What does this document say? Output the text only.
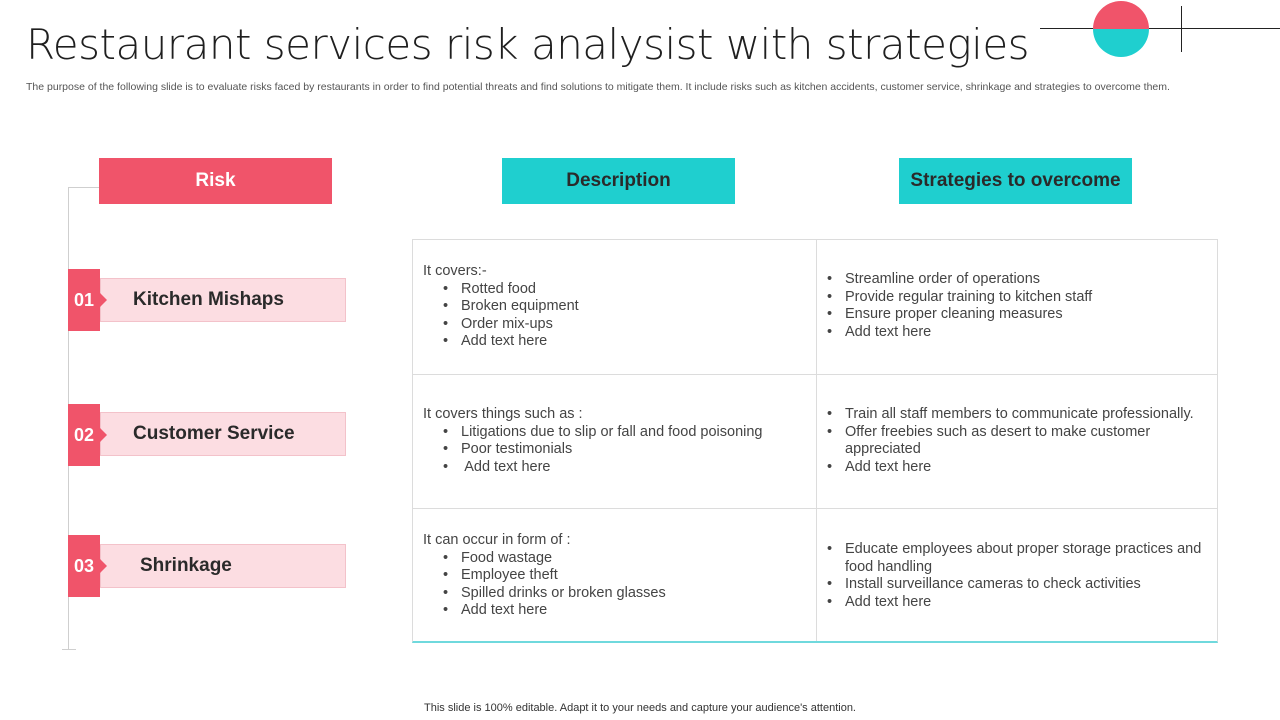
Restaurant services risk analysist with strategies
The purpose of the following slide is to evaluate risks faced by restaurants in order to find potential threats and find solutions to mitigate them. It include risks such as kitchen accidents, customer service, shrinkage and strategies to overcome them.
Risk	Description	Strategies to overcome
Kitchen Mishaps
01
Customer Service
02
Shrinkage
03
It covers:-
• Rotted food
• Broken equipment
• Order mix-ups
• Add text here
• Streamline order of operations
• Provide regular training to kitchen staff
• Ensure proper cleaning measures
• Add text here
It covers things such as :
• Litigations due to slip or fall and food poisoning
• Poor testimonials
•  Add text here
• Train all staff members to communicate professionally.
• Offer freebies such as desert to make customer appreciated
• Add text here
It can occur in form of :
• Food wastage
• Employee theft
• Spilled drinks or broken glasses
• Add text here
• Educate employees about proper storage practices and food handling
• Install surveillance cameras to check activities
• Add text here
This slide is 100% editable. Adapt it to your needs and capture your audience's attention.
